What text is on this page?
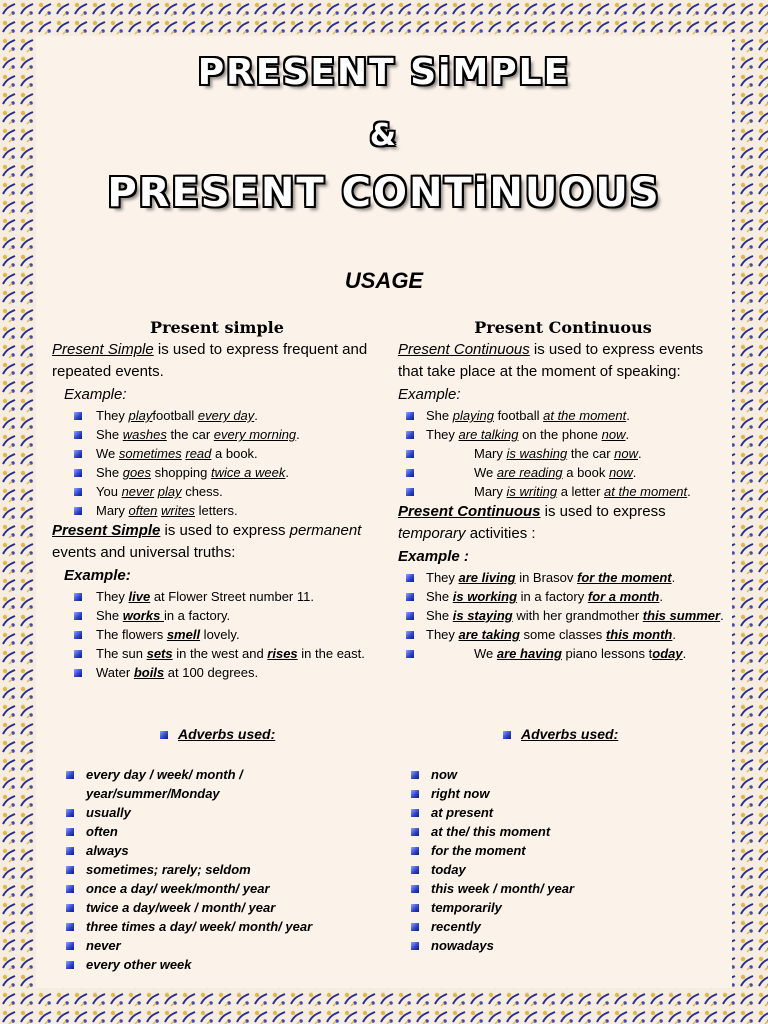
PRESENT SiMPLE
&
PRESENT CONTiNUOUS
USAGE
Present simple
Present Simple is used to express frequent and repeated events.
Example:
They playfootball every day.
She washes the car every morning.
We sometimes read a book.
She goes shopping twice a week.
You never play chess.
Mary often writes letters.
Present Simple is used to express permanent events and universal truths:
Example:
They live at Flower Street number 11.
She works in a factory.
The flowers smell lovely.
The sun sets in the west and rises in the east.
Water boils at 100 degrees.
Present Continuous
Present Continuous is used to express events that take place at the moment of speaking:
Example:
She playing football at the moment.
They are talking on the phone now.
Mary is washing the car now.
We are reading a book now.
Mary is writing a letter at the moment.
Present Continuous is used to express temporary activities :
Example :
They are living in Brasov for the moment.
She is working in a factory for a month.
She is staying with her grandmother this summer.
They are taking some classes this month.
We are having piano lessons today.
Adverbs used:	Adverbs used:
every day / week/ month / year/summer/Monday
usually
often
always
sometimes; rarely; seldom
once a day/ week/month/ year
twice a day/week / month/ year
three times a day/ week/ month/ year
never
every other week
now
right now
at present
at the/ this moment
for the moment
today
this week / month/ year
temporarily
recently
nowadays
